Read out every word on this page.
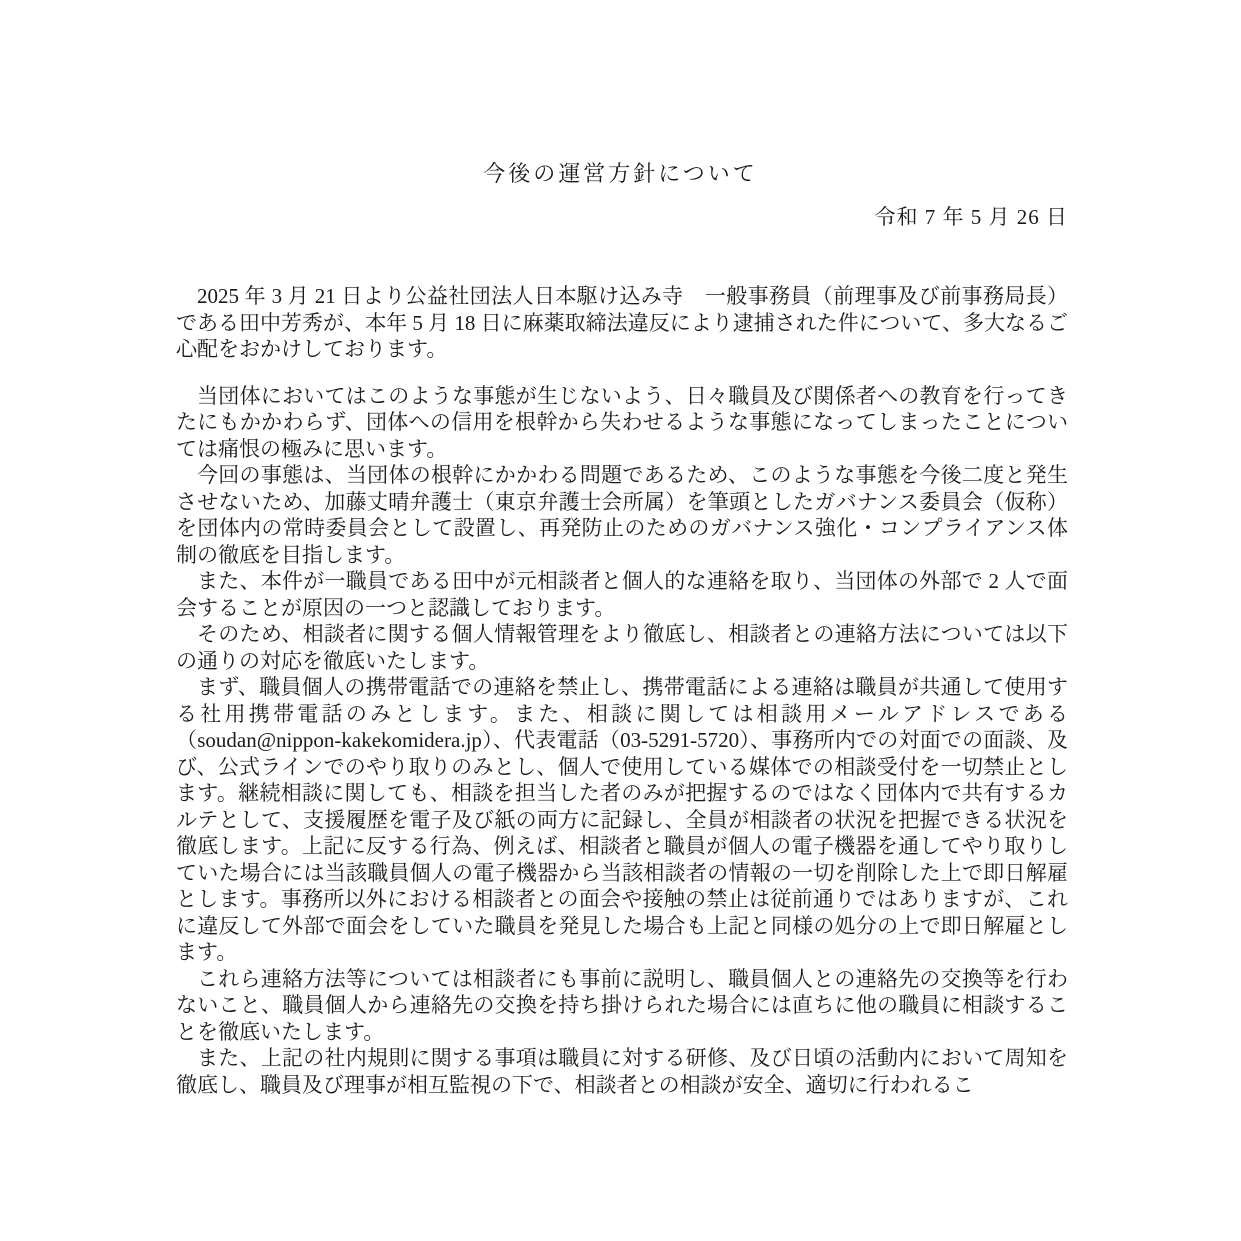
今後の運営方針について
令和 7 年 5 月 26 日

2025 年 3 月 21 日より公益社団法人日本駆け込み寺　一般事務員（前理事及び前事務局長）である田中芳秀が、本年 5 月 18 日に麻薬取締法違反により逮捕された件について、多大なるご心配をおかけしております。

当団体においてはこのような事態が生じないよう、日々職員及び関係者への教育を行ってきたにもかかわらず、団体への信用を根幹から失わせるような事態になってしまったことについては痛恨の極みに思います。

今回の事態は、当団体の根幹にかかわる問題であるため、このような事態を今後二度と発生させないため、加藤丈晴弁護士（東京弁護士会所属）を筆頭としたガバナンス委員会（仮称）を団体内の常時委員会として設置し、再発防止のためのガバナンス強化・コンプライアンス体制の徹底を目指します。

また、本件が一職員である田中が元相談者と個人的な連絡を取り、当団体の外部で 2 人で面会することが原因の一つと認識しております。

そのため、相談者に関する個人情報管理をより徹底し、相談者との連絡方法については以下の通りの対応を徹底いたします。

まず、職員個人の携帯電話での連絡を禁止し、携帯電話による連絡は職員が共通して使用する社用携帯電話のみとします。また、相談に関しては相談用メールアドレスである（soudan@nippon-kakekomidera.jp）、代表電話（03‐5291‐5720）、事務所内での対面での面談、及び、公式ラインでのやり取りのみとし、個人で使用している媒体での相談受付を一切禁止とします。継続相談に関しても、相談を担当した者のみが把握するのではなく団体内で共有するカルテとして、支援履歴を電子及び紙の両方に記録し、全員が相談者の状況を把握できる状況を徹底します。上記に反する行為、例えば、相談者と職員が個人の電子機器を通してやり取りしていた場合には当該職員個人の電子機器から当該相談者の情報の一切を削除した上で即日解雇とします。事務所以外における相談者との面会や接触の禁止は従前通りではありますが、これに違反して外部で面会をしていた職員を発見した場合も上記と同様の処分の上で即日解雇とします。

これら連絡方法等については相談者にも事前に説明し、職員個人との連絡先の交換等を行わないこと、職員個人から連絡先の交換を持ち掛けられた場合には直ちに他の職員に相談することを徹底いたします。

また、上記の社内規則に関する事項は職員に対する研修、及び日頃の活動内において周知を徹底し、職員及び理事が相互監視の下で、相談者との相談が安全、適切に行われるこ
